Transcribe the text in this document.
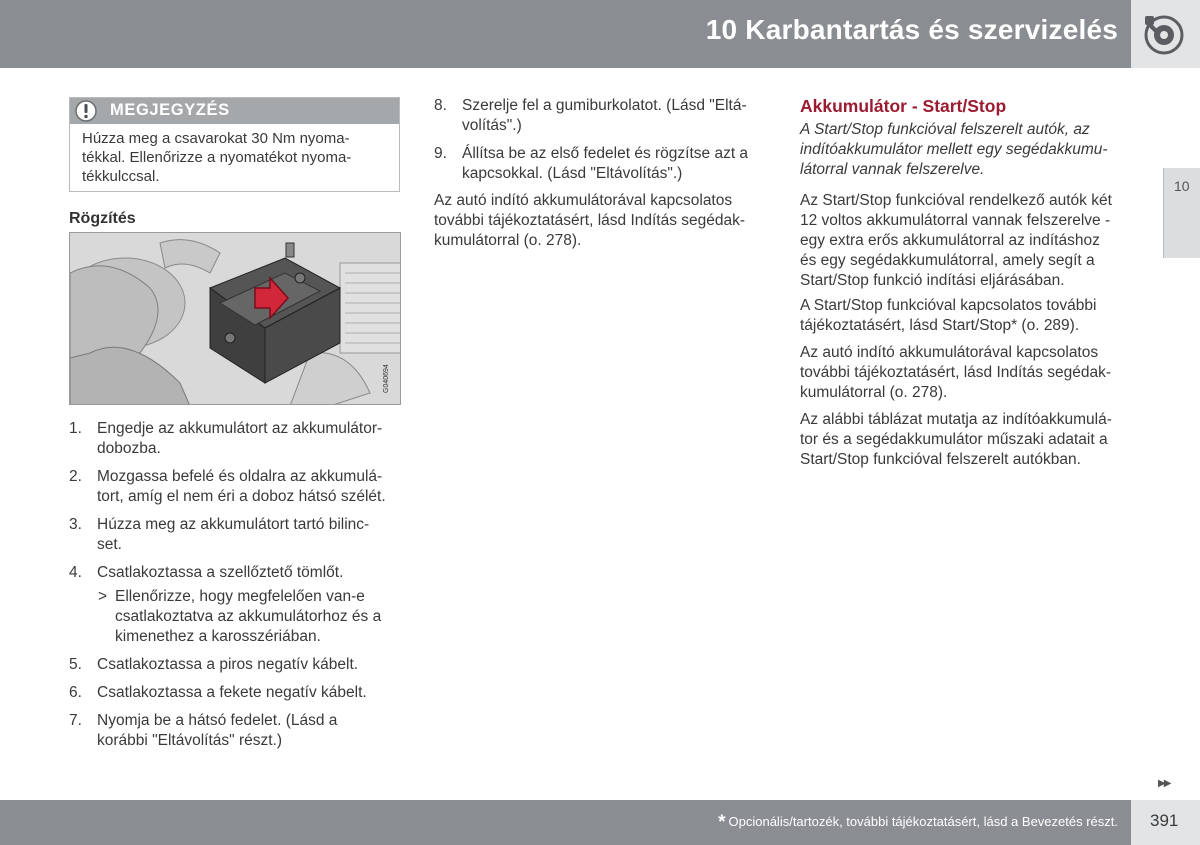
10 Karbantartás és szervizelés
10
MEGJEGYZÉS
Húzza meg a csavarokat 30 Nm nyoma-
tékkal. Ellenőrizze a nyomatékot nyoma-
tékkulccsal.
Rögzítés
G040694
1. Engedje az akkumulátort az akkumulátor-
dobozba.
2. Mozgassa befelé és oldalra az akkumulá-
tort, amíg el nem éri a doboz hátsó szélét.
3. Húzza meg az akkumulátort tartó bilinc-
set.
4. Csatlakoztassa a szellőztető tömlőt.
> Ellenőrizze, hogy megfelelően van-e
csatlakoztatva az akkumulátorhoz és a
kimenethez a karosszériában.
5. Csatlakoztassa a piros negatív kábelt.
6. Csatlakoztassa a fekete negatív kábelt.
7. Nyomja be a hátsó fedelet. (Lásd a
korábbi "Eltávolítás" részt.)
8. Szerelje fel a gumiburkolatot. (Lásd "Eltá-
volítás".)
9. Állítsa be az első fedelet és rögzítse azt a
kapcsokkal. (Lásd "Eltávolítás".)
Az autó indító akkumulátorával kapcsolatos
további tájékoztatásért, lásd Indítás segédak-
kumulátorral (o. 278).
Akkumulátor - Start/Stop
A Start/Stop funkcióval felszerelt autók, az
indítóakkumulátor mellett egy segédakkumu-
látorral vannak felszerelve.
Az Start/Stop funkcióval rendelkező autók két
12 voltos akkumulátorral vannak felszerelve -
egy extra erős akkumulátorral az indításhoz
és egy segédakkumulátorral, amely segít a
Start/Stop funkció indítási eljárásában.
A Start/Stop funkcióval kapcsolatos további
tájékoztatásért, lásd Start/Stop* (o. 289).
Az autó indító akkumulátorával kapcsolatos
további tájékoztatásért, lásd Indítás segédak-
kumulátorral (o. 278).
Az alábbi táblázat mutatja az indítóakkumulá-
tor és a segédakkumulátor műszaki adatait a
Start/Stop funkcióval felszerelt autókban.
▶▶
* Opcionális/tartozék, további tájékoztatásért, lásd a Bevezetés részt. 391
